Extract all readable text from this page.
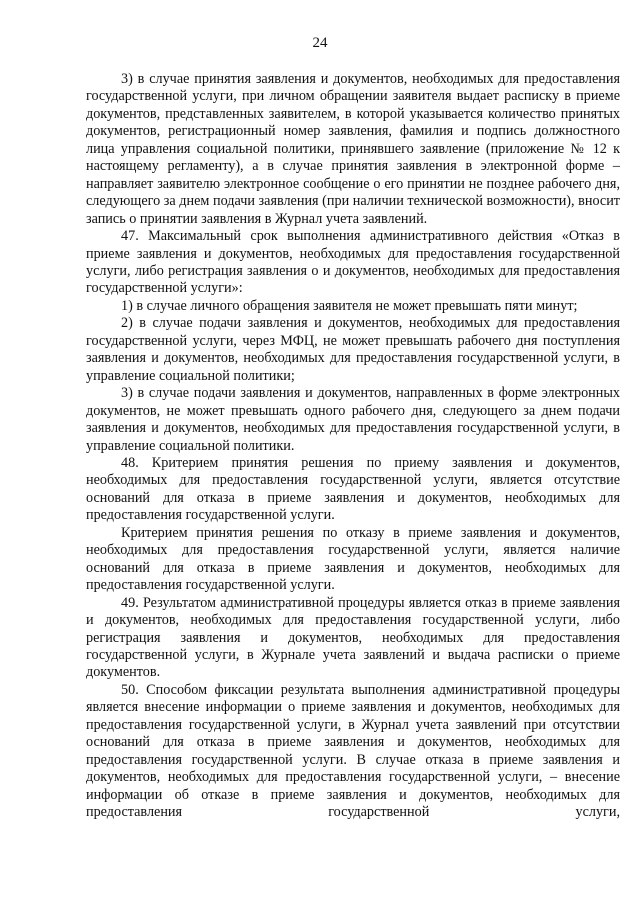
24

3) в случае принятия заявления и документов, необходимых для предоставления государственной услуги, при личном обращении заявителя выдает расписку в приеме документов, представленных заявителем, в которой указывается количество принятых документов, регистрационный номер заявления, фамилия и подпись должностного лица управления социальной политики, принявшего заявление (приложение № 12 к настоящему регламенту), а в случае принятия заявления в электронной форме – направляет заявителю электронное сообщение о его принятии не позднее рабочего дня, следующего за днем подачи заявления (при наличии технической возможности), вносит запись о принятии заявления в Журнал учета заявлений.

47. Максимальный срок выполнения административного действия «Отказ в приеме заявления и документов, необходимых для предоставления государственной услуги, либо регистрация заявления о и документов, необходимых для предоставления государственной услуги»:

1) в случае личного обращения заявителя не может превышать пяти минут;

2) в случае подачи заявления и документов, необходимых для предоставления государственной услуги, через МФЦ, не может превышать рабочего дня поступления заявления и документов, необходимых для предоставления государственной услуги, в управление социальной политики;

3) в случае подачи заявления и документов, направленных в форме электронных документов, не может превышать одного рабочего дня, следующего за днем подачи заявления и документов, необходимых для предоставления государственной услуги, в управление социальной политики.

48. Критерием принятия решения по приему заявления и документов, необходимых для предоставления государственной услуги, является отсутствие оснований для отказа в приеме заявления и документов, необходимых для предоставления государственной услуги.

Критерием принятия решения по отказу в приеме заявления и документов, необходимых для предоставления государственной услуги, является наличие оснований для отказа в приеме заявления и документов, необходимых для предоставления государственной услуги.

49. Результатом административной процедуры является отказ в приеме заявления и документов, необходимых для предоставления государственной услуги, либо регистрация заявления и документов, необходимых для предоставления государственной услуги, в Журнале учета заявлений и выдача расписки о приеме документов.

50. Способом фиксации результата выполнения административной процедуры является внесение информации о приеме заявления и документов, необходимых для предоставления государственной услуги, в Журнал учета заявлений при отсутствии оснований для отказа в приеме заявления и документов, необходимых для предоставления государственной услуги. В случае отказа в приеме заявления и документов, необходимых для предоставления государственной услуги, – внесение информации об отказе в приеме заявления и документов, необходимых для предоставления государственной услуги,
